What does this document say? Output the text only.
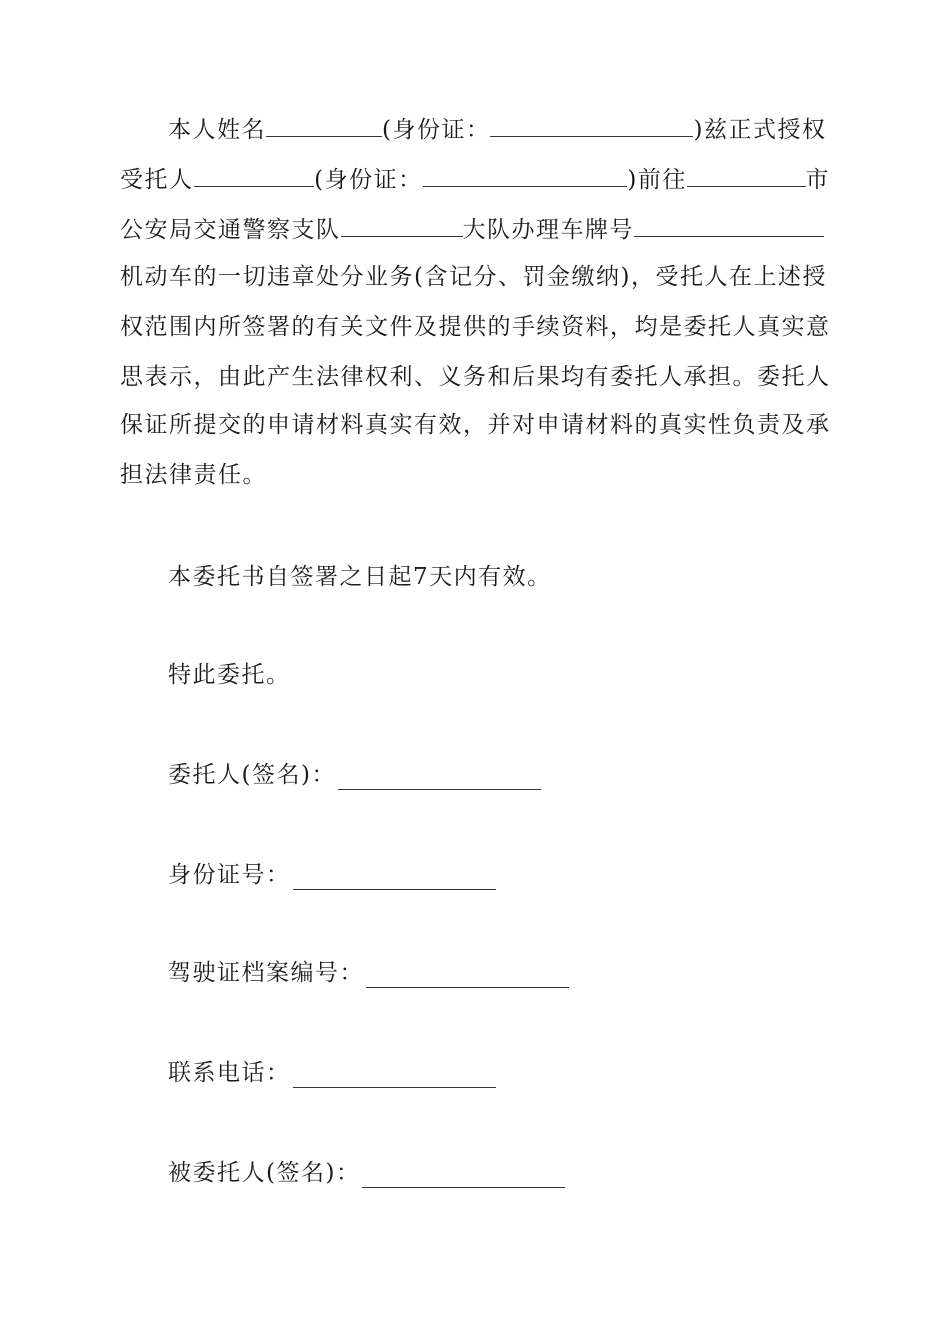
本人姓名	(身份证：	)兹正式授权
受托人	(身份证：	)前往	市
公安局交通警察支队	大队办理车牌号
机动车的一切违章处分业务(含记分、罚金缴纳)，受托人在上述授
权范围内所签署的有关文件及提供的手续资料，均是委托人真实意
思表示，由此产生法律权利、义务和后果均有委托人承担。委托人
保证所提交的申请材料真实有效，并对申请材料的真实性负责及承
担法律责任。
本委托书自签署之日起7天内有效。
特此委托。
委托人(签名)：
身份证号：
驾驶证档案编号：
联系电话：
被委托人(签名)：
